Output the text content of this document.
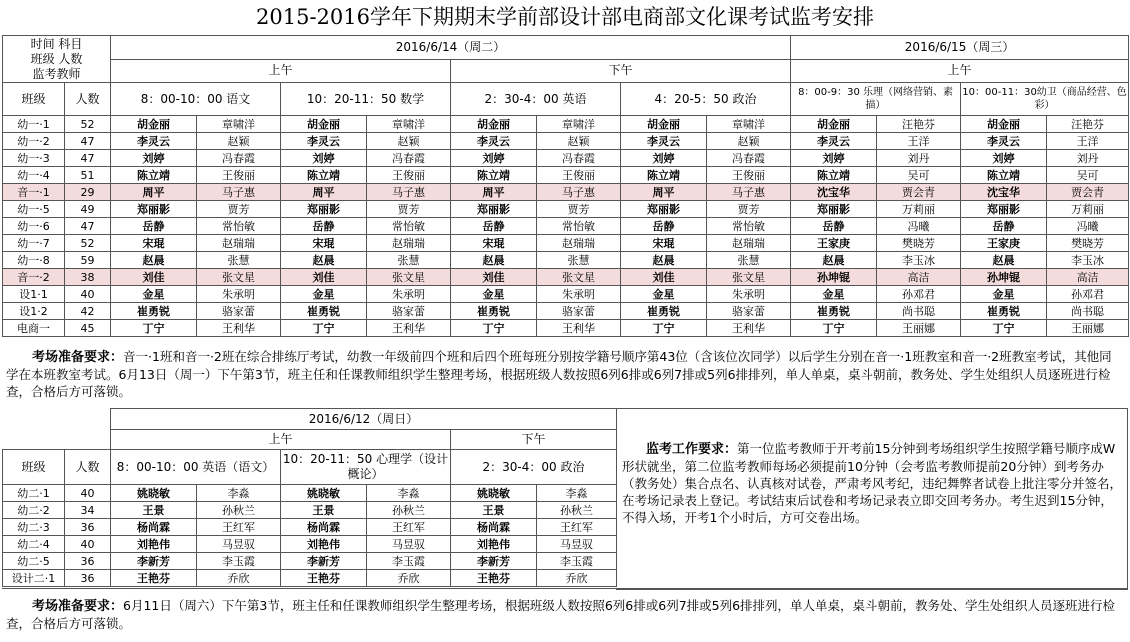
2015-2016学年下期期末学前部设计部电商部文化课考试监考安排
时间 科目
班级 人数
监考教师		2016/6/14（周二）								2016/6/15（周三）			
		上午				下午				上午			
班级	人数	8：00-10：00 语文		10：20-11：50 数学		2：30-4：00 英语		4：20-5：50 政治		8：00-9：30 乐理（网络营销、素描）		10：00-11：30幼卫（商品经营、色彩）	
幼一·1	52	胡金丽	章啸洋	胡金丽	章啸洋	胡金丽	章啸洋	胡金丽	章啸洋	胡金丽	汪艳芬	胡金丽	汪艳芬
幼一·2	47	李灵云	赵颖	李灵云	赵颖	李灵云	赵颖	李灵云	赵颖	李灵云	王洋	李灵云	王洋
幼一·3	47	刘婷	冯春霞	刘婷	冯春霞	刘婷	冯春霞	刘婷	冯春霞	刘婷	刘丹	刘婷	刘丹
幼一·4	51	陈立靖	王俊丽	陈立靖	王俊丽	陈立靖	王俊丽	陈立靖	王俊丽	陈立靖	吴可	陈立靖	吴可
音一·1	29	周平	马子惠	周平	马子惠	周平	马子惠	周平	马子惠	沈宝华	贾会青	沈宝华	贾会青
幼一·5	49	郑丽影	贾芳	郑丽影	贾芳	郑丽影	贾芳	郑丽影	贾芳	郑丽影	万莉丽	郑丽影	万莉丽
幼一·6	47	岳静	常怡敏	岳静	常怡敏	岳静	常怡敏	岳静	常怡敏	岳静	冯曦	岳静	冯曦
幼一·7	52	宋琨	赵瑞瑞	宋琨	赵瑞瑞	宋琨	赵瑞瑞	宋琨	赵瑞瑞	王家庚	樊晓芳	王家庚	樊晓芳
幼一·8	59	赵晨	张慧	赵晨	张慧	赵晨	张慧	赵晨	张慧	赵晨	李玉冰	赵晨	李玉冰
音一·2	38	刘佳	张文星	刘佳	张文星	刘佳	张文星	刘佳	张文星	孙坤锟	高洁	孙坤锟	高洁
设1·1	40	金星	朱承明	金星	朱承明	金星	朱承明	金星	朱承明	金星	孙邓君	金星	孙邓君
设1·2	42	崔勇锐	骆家蕾	崔勇锐	骆家蕾	崔勇锐	骆家蕾	崔勇锐	骆家蕾	崔勇锐	尚书聪	崔勇锐	尚书聪
电商一	45	丁宁	王利华	丁宁	王利华	丁宁	王利华	丁宁	王利华	丁宁	王丽娜	丁宁	王丽娜
考场准备要求：音一·1班和音一·2班在综合排练厅考试，幼教一年级前四个班和后四个班每班分别按学籍号顺序第43位（含该位次同学）以后学生分别在音一·1班教室和音一·2班教室考试，其他同学在本班教室考试。6月13日（周一）下午第3节，班主任和任课教师组织学生整理考场，根据班级人数按照6列6排或6列7排或5列6排排列，单人单桌，桌斗朝前，教务处、学生处组织人员逐班进行检查，合格后方可落锁。
		2016/6/12（周日）					
		上午				下午	
班级	人数	8：00-10：00 英语（语文）		10：20-11：50 心理学（设计概论）		2：30-4：00 政治	
幼二·1	40	姚晓敏	李淼	姚晓敏	李淼	姚晓敏	李淼
幼二·2	34	王景	孙秋兰	王景	孙秋兰	王景	孙秋兰
幼二·3	36	杨尚霖	王红军	杨尚霖	王红军	杨尚霖	王红军
幼二·4	40	刘艳伟	马昱驭	刘艳伟	马昱驭	刘艳伟	马昱驭
幼二·5	36	李新芳	李玉霞	李新芳	李玉霞	李新芳	李玉霞
设计二·1	36	王艳芬	乔欣	王艳芬	乔欣	王艳芬	乔欣
监考工作要求：第一位监考教师于开考前15分钟到考场组织学生按照学籍号顺序成W形状就坐，第二位监考教师每场必须提前10分钟（会考监考教师提前20分钟）到考务办（教务处）集合点名、认真核对试卷，严肃考风考纪，违纪舞弊者试卷上批注零分并签名，在考场记录表上登记。考试结束后试卷和考场记录表立即交回考务办。考生迟到15分钟，不得入场，开考1个小时后，方可交卷出场。
考场准备要求：6月11日（周六）下午第3节，班主任和任课教师组织学生整理考场，根据班级人数按照6列6排或6列7排或5列6排排列，单人单桌，桌斗朝前，教务处、学生处组织人员逐班进行检查，合格后方可落锁。
